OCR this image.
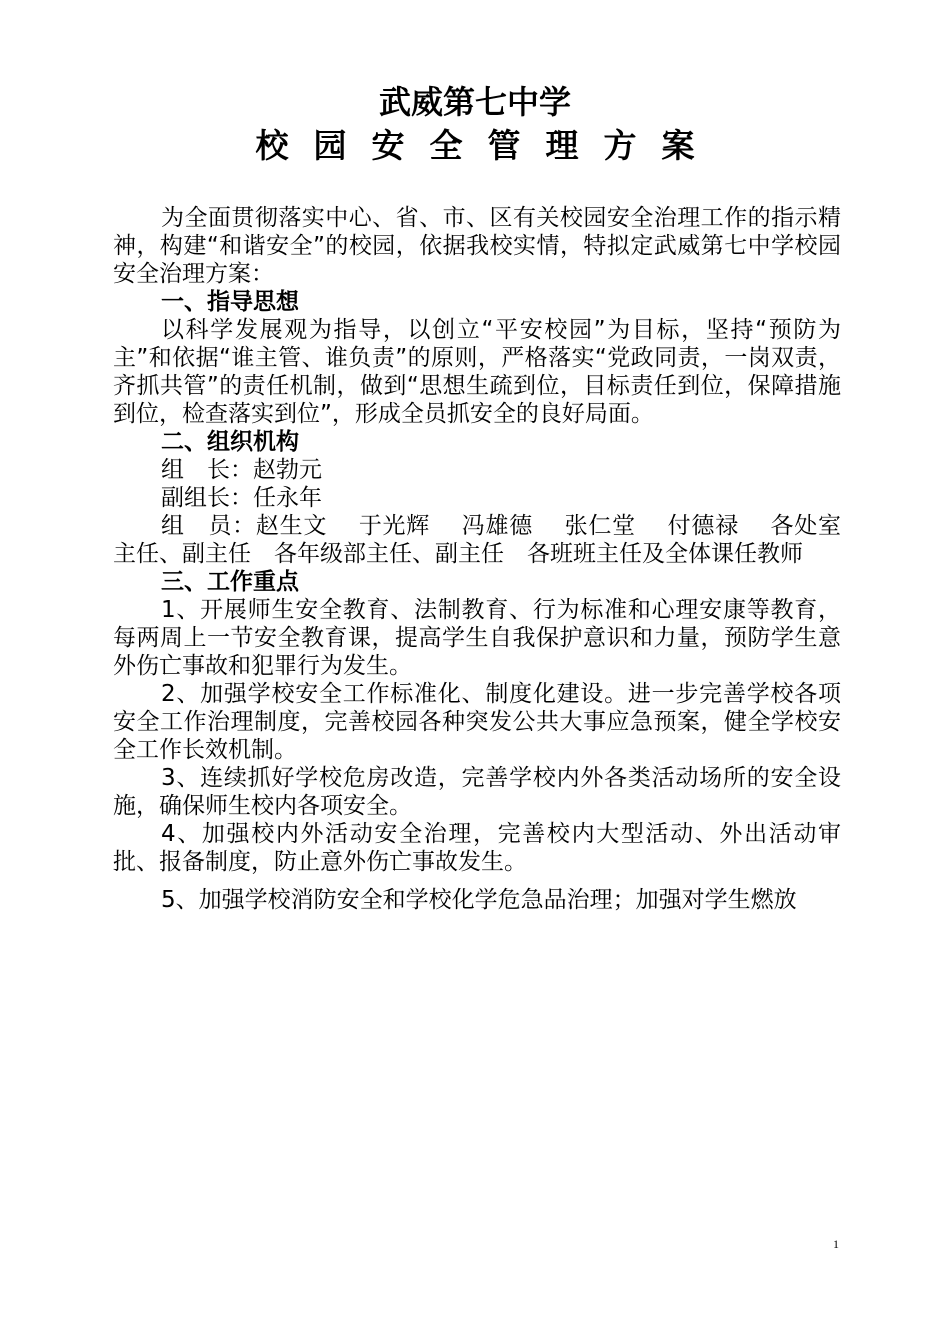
武威第七中学
校园安全管理方案

为全面贯彻落实中心、省、市、区有关校园安全治理工作的指示精神，构建“和谐安全”的校园，依据我校实情，特拟定武威第七中学校园安全治理方案：

一、指导思想

以科学发展观为指导，以创立“平安校园”为目标，坚持“预防为主”和依据“谁主管、谁负责”的原则，严格落实“党政同责，一岗双责，齐抓共管”的责任机制，做到“思想生疏到位，目标责任到位，保障措施到位，检查落实到位”，形成全员抓安全的良好局面。

二、组织机构

组　长：赵勃元

副组长：任永年

组　员：赵生文　 于光辉　 冯雄德　 张仁堂　 付德禄　 各处室主任、副主任　各年级部主任、副主任　各班班主任及全体课任教师

三、工作重点

1、开展师生安全教育、法制教育、行为标准和心理安康等教育，每两周上一节安全教育课，提高学生自我保护意识和力量，预防学生意外伤亡事故和犯罪行为发生。

2、加强学校安全工作标准化、制度化建设。进一步完善学校各项安全工作治理制度，完善校园各种突发公共大事应急预案，健全学校安全工作长效机制。

3、连续抓好学校危房改造，完善学校内外各类活动场所的安全设施，确保师生校内各项安全。

4、加强校内外活动安全治理，完善校内大型活动、外出活动审批、报备制度，防止意外伤亡事故发生。

5、加强学校消防安全和学校化学危急品治理；加强对学生燃放

1
